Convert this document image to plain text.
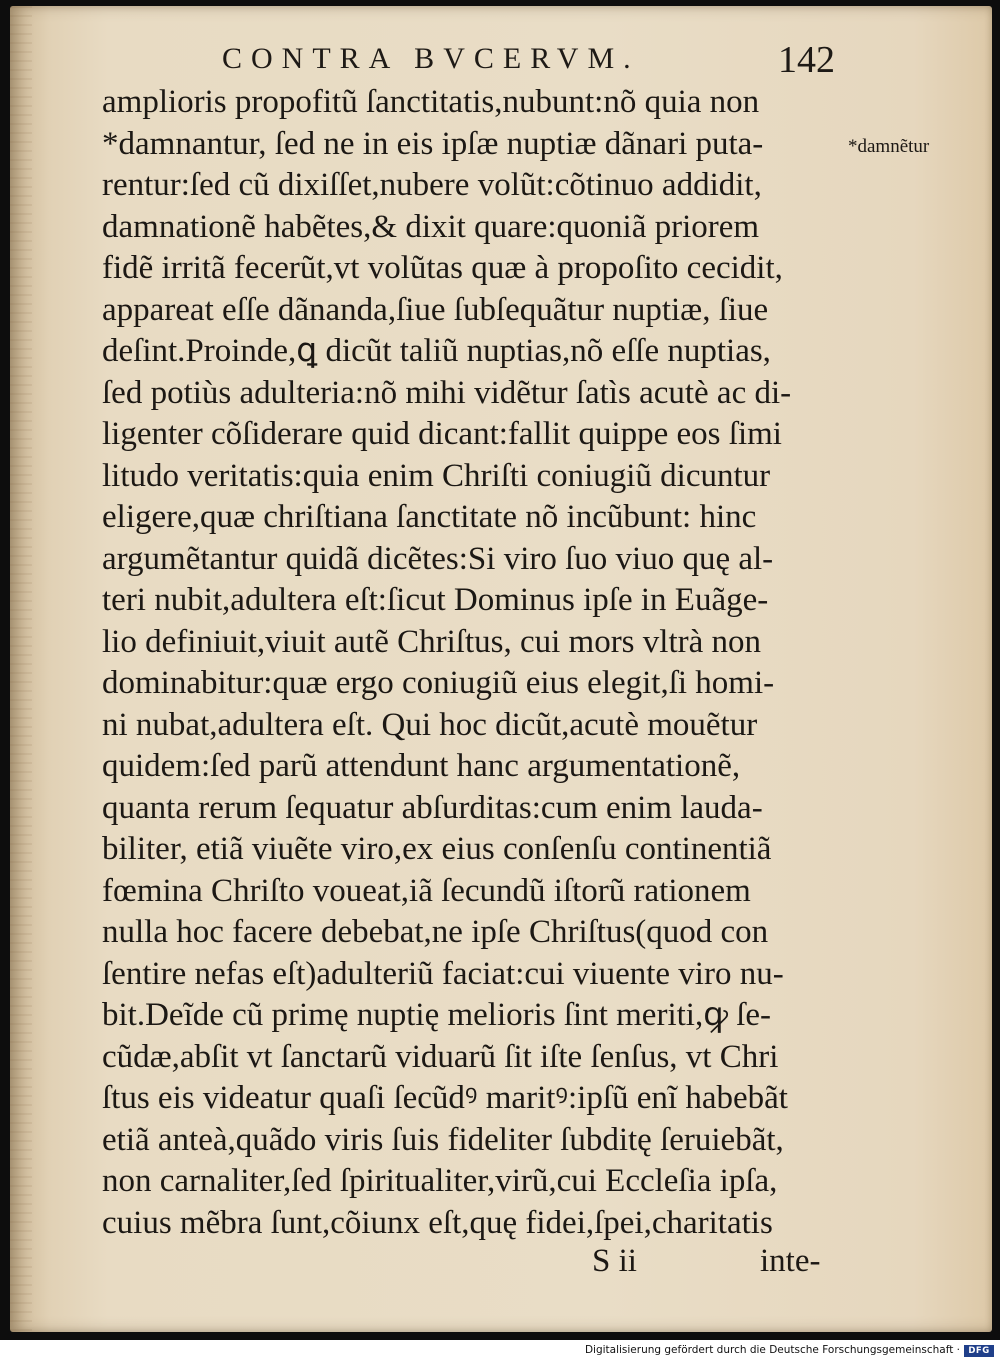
CONTRA BVCERVM.	142
*damnẽtur
amplioris propofitũ ſanctitatis,nubunt:nõ quia non
*damnantur, ſed ne in eis ipſæ nuptiæ dãnari puta-
rentur:ſed cũ dixiſſet,nubere volũt:cõtinuo addidit,
damnationẽ habẽtes,& dixit quare:quoniã priorem
fidẽ irritã fecerũt,vt volũtas quæ à propoſito cecidit,
appareat eſſe dãnanda,ſiue ſubſequãtur nuptiæ, ſiue
deſint.Proinde,ꝗ dicũt taliũ nuptias,nõ eſſe nuptias,
ſed potiùs adulteria:nõ mihi vidẽtur ſatìs acutè ac di-
ligenter cõſiderare quid dicant:fallit quippe eos ſimi
litudo veritatis:quia enim Chriſti coniugiũ dicuntur
eligere,quæ chriſtiana ſanctitate nõ incũbunt: hinc
argumẽtantur quidã dicẽtes:Si viro ſuo viuo quę al-
teri nubit,adultera eſt:ſicut Dominus ipſe in Euãge-
lio definiuit,viuit autẽ Chriſtus, cui mors vltrà non
dominabitur:quæ ergo coniugiũ eius elegit,ſi homi-
ni nubat,adultera eſt. Qui hoc dicũt,acutè mouẽtur
quidem:ſed parũ attendunt hanc argumentationẽ,
quanta rerum ſequatur abſurditas:cum enim lauda-
biliter, etiã viuẽte viro,ex eius conſenſu continentiã
fœmina Chriſto voueat,iã ſecundũ iſtorũ rationem
nulla hoc facere debebat,ne ipſe Chriſtus(quod con
ſentire nefas eſt)adulteriũ faciat:cui viuente viro nu-
bit.Deĩde cũ primę nuptię melioris ſint meriti,ꝙ ſe-
cũdæ,abſit vt ſanctarũ viduarũ ſit iſte ſenſus, vt Chri
ſtus eis videatur quaſi ſecũdꝰ maritꝰ:ipſũ enĩ habebãt
etiã anteà,quãdo viris ſuis fideliter ſubditę ſeruiebãt,
non carnaliter,ſed ſpiritualiter,virũ,cui Eccleſia ipſa,
cuius mẽbra ſunt,cõiunx eſt,quę fidei,ſpei,charitatis
S ii	inte-
Digitalisierung gefördert durch die Deutsche Forschungsgemeinschaft · DFG
